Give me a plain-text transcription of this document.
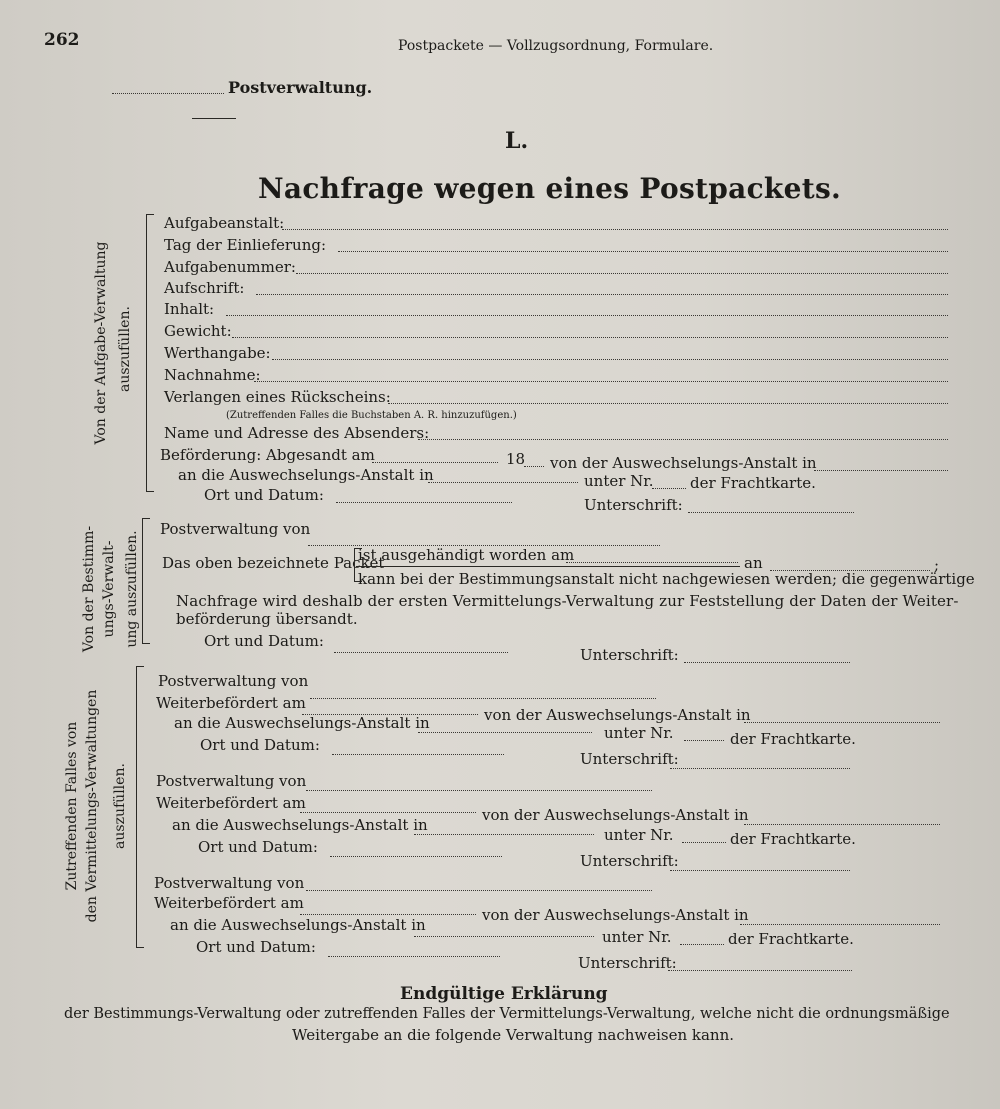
262	Postpackete — Vollzugsordnung, Formulare.
Postverwaltung.
L.
Nachfrage wegen eines Postpackets.
Von der Aufgabe-Verwaltung auszufüllen.
Aufgabeanstalt:
Tag der Einlieferung:
Aufgabenummer:
Aufschrift:
Inhalt:
Gewicht:
Werthangabe:
Nachnahme:
Verlangen eines Rückscheins:
(Zutreffenden Falles die Buchstaben A. R. hinzuzufügen.)
Name und Adresse des Absenders:
Beförderung: Abgesandt am	18 von der Auswechselungs-Anstalt in
an die Auswechselungs-Anstalt in	unter Nr. der Frachtkarte.
Ort und Datum:
Unterschrift:
Von der Bestimm- ungs-Verwalt- ung auszufüllen.
Postverwaltung von
Das oben bezeichnete Packet
ist ausgehändigt worden am	an	;
kann bei der Bestimmungsanstalt nicht nachgewiesen werden; die gegenwärtige
Nachfrage wird deshalb der ersten Vermittelungs-Verwaltung zur Feststellung der Daten der Weiter-
beförderung übersandt.
Ort und Datum:
Unterschrift:
Zutreffenden Falles von den Vermittelungs-Verwaltungen auszufüllen.
Postverwaltung von
Weiterbefördert am
von der Auswechselungs-Anstalt in
an die Auswechselungs-Anstalt in
unter Nr.	der Frachtkarte.
Ort und Datum:
Unterschrift:
Postverwaltung von
Weiterbefördert am
von der Auswechselungs-Anstalt in
an die Auswechselungs-Anstalt in
unter Nr.	der Frachtkarte.
Ort und Datum:
Unterschrift:
Postverwaltung von
Weiterbefördert am
von der Auswechselungs-Anstalt in
an die Auswechselungs-Anstalt in
unter Nr.	der Frachtkarte.
Ort und Datum:
Unterschrift:
Endgültige Erklärung
der Bestimmungs-Verwaltung oder zutreffenden Falles der Vermittelungs-Verwaltung, welche nicht die ordnungsmäßige
Weitergabe an die folgende Verwaltung nachweisen kann.
